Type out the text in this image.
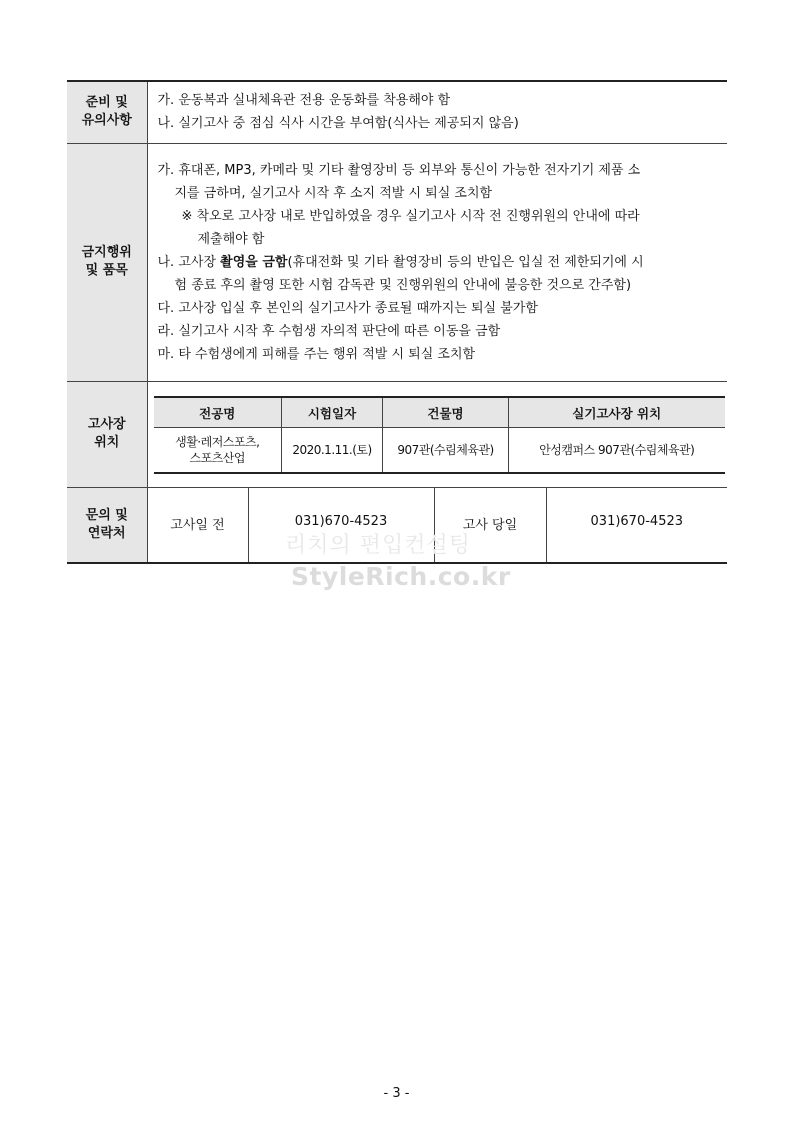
준비 및
유의사항

가. 운동복과 실내체육관 전용 운동화를 착용해야 함
나. 실기고사 중 점심 식사 시간을 부여함(식사는 제공되지 않음)

금지행위
및 품목

가. 휴대폰, MP3, 카메라 및 기타 촬영장비 등 외부와 통신이 가능한 전자기기 제품 소
지를 금하며, 실기고사 시작 후 소지 적발 시 퇴실 조치함
※ 착오로 고사장 내로 반입하였을 경우 실기고사 시작 전 진행위원의 안내에 따라
제출해야 함
나. 고사장 촬영을 금함(휴대전화 및 기타 촬영장비 등의 반입은 입실 전 제한되기에 시
험 종료 후의 촬영 또한 시험 감독관 및 진행위원의 안내에 불응한 것으로 간주함)
다. 고사장 입실 후 본인의 실기고사가 종료될 때까지는 퇴실 불가함
라. 실기고사 시작 후 수험생 자의적 판단에 따른 이동을 금함
마. 타 수험생에게 피해를 주는 행위 적발 시 퇴실 조치함

고사장
위치

전공명	시험일자	건물명	실기고사장 위치

생활·레저스포츠,
스포츠산업
	2020.1.11.(토)	907관(수림체육관)	안성캠퍼스 907관(수림체육관)

문의 및
연락처
	고사일 전	031)670-4523	고사 당일	031)670-4523
리치의 편입컨설팅
StyleRich.co.kr
- 3 -
